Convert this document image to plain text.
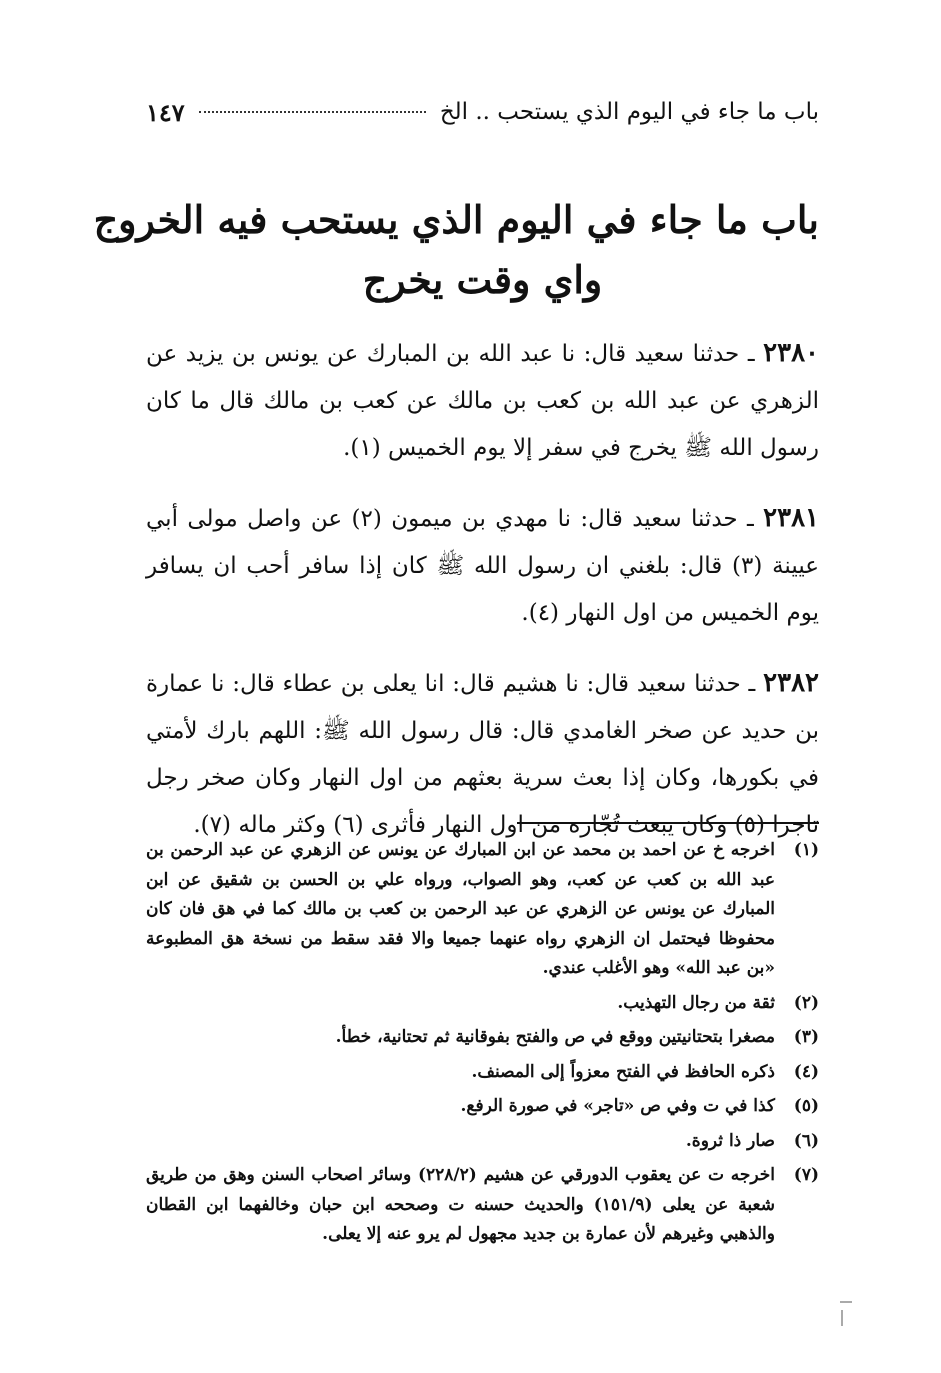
باب ما جاء في اليوم الذي يستحب .. الخ
١٤٧
باب ما جاء في اليوم الذي يستحب فيه الخروج
واي وقت يخرج

٢٣٨٠ ـ حدثنا سعيد قال: نا عبد الله بن المبارك عن يونس بن يزيد عن الزهري عن عبد الله بن كعب بن مالك عن كعب بن مالك قال ما كان رسول الله ﷺ يخرج في سفر إلا يوم الخميس (١).

٢٣٨١ ـ حدثنا سعيد قال: نا مهدي بن ميمون (٢) عن واصل مولى أبي عيينة (٣) قال: بلغني ان رسول الله ﷺ كان إذا سافر أحب ان يسافر يوم الخميس من اول النهار (٤).

٢٣٨٢ ـ حدثنا سعيد قال: نا هشيم قال: انا يعلى بن عطاء قال: نا عمارة بن حديد عن صخر الغامدي قال: قال رسول الله ﷺ: اللهم بارك لأمتي في بكورها، وكان إذا بعث سرية بعثهم من اول النهار وكان صخر رجل تاجرا (٥) وكان يبعث تُجّاره من اول النهار فأثرى (٦) وكثر ماله (٧).

(١)
اخرجه خ عن احمد بن محمد عن ابن المبارك عن يونس عن الزهري عن عبد الرحمن بن عبد الله بن كعب عن كعب، وهو الصواب، ورواه علي بن الحسن بن شقيق عن ابن المبارك عن يونس عن الزهري عن عبد الرحمن بن كعب بن مالك كما في هق فان كان محفوظا فيحتمل ان الزهري رواه عنهما جميعا والا فقد سقط من نسخة هق المطبوعة «بن عبد الله» وهو الأغلب عندي.
(٢)
ثقة من رجال التهذيب.
(٣)
مصغرا بتحتانيتين ووقع في ص والفتح بفوقانية ثم تحتانية، خطأ.
(٤)
ذكره الحافظ في الفتح معزواً إلى المصنف.
(٥)
كذا في ت وفي ص «تاجر» في صورة الرفع.
(٦)
صار ذا ثروة.
(٧)
اخرجه ت عن يعقوب الدورقي عن هشيم (٢٢٨/٢) وسائر اصحاب السنن وهق من طريق شعبة عن يعلى (١٥١/٩) والحديث حسنه ت وصححه ابن حبان وخالفهما ابن القطان والذهبي وغيرهم لأن عمارة بن جديد مجهول لم يرو عنه إلا يعلى.
